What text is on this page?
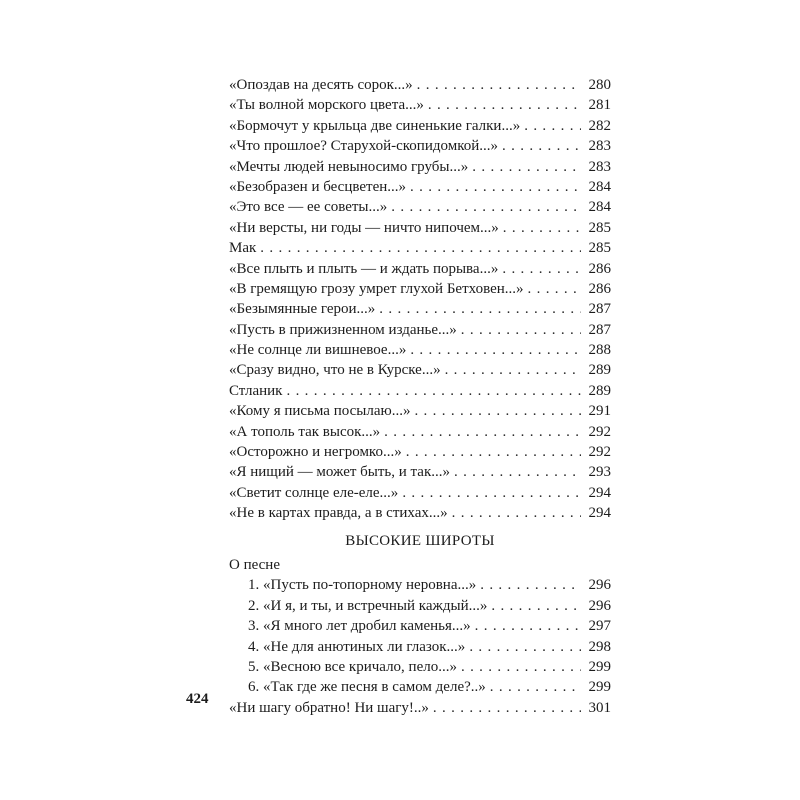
«Опоздав на десять сорок...» . . .	280
«Ты волной морского цвета...» . . .	281
«Бормочут у крыльца две синенькие галки...» . . .	282
«Что прошлое? Старухой-скопидомкой...» . . .	283
«Мечты людей невыносимо грубы...» . . .	283
«Безобразен и бесцветен...» . . .	284
«Это все — ее советы...» . . .	284
«Ни версты, ни годы — ничто нипочем...» . . .	285
Мак . . .	285
«Все плыть и плыть — и ждать порыва...» . . .	286
«В гремящую грозу умрет глухой Бетховен...» . . .	286
«Безымянные герои...» . . .	287
«Пусть в прижизненном изданье...» . . .	287
«Не солнце ли вишневое...» . . .	288
«Сразу видно, что не в Курске...» . . .	289
Стланик . . .	289
«Кому я письма посылаю...» . . .	291
«А тополь так высок...» . . .	292
«Осторожно и негромко...» . . .	292
«Я нищий — может быть, и так...» . . .	293
«Светит солнце еле-еле...» . . .	294
«Не в картах правда, а в стихах...» . . .	294
ВЫСОКИЕ ШИРОТЫ
О песне
1. «Пусть по-топорному неровна...» . . .	296
2. «И я, и ты, и встречный каждый...» . . .	296
3. «Я много лет дробил каменья...» . . .	297
4. «Не для анютиных ли глазок...» . . .	298
5. «Весною все кричало, пело...» . . .	299
6. «Так где же песня в самом деле?..» . . .	299
«Ни шагу обратно! Ни шагу!..» . . .	301
424
